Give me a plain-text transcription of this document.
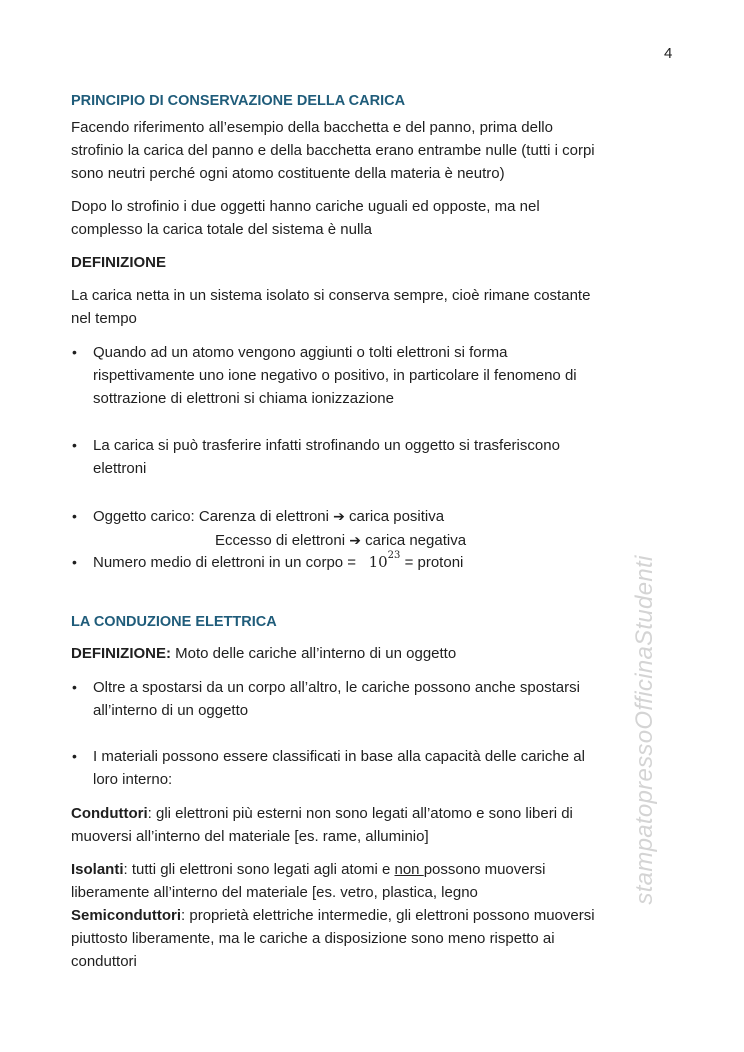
4
PRINCIPIO DI CONSERVAZIONE DELLA CARICA
Facendo riferimento all’esempio della bacchetta e del panno, prima dello
strofinio la carica del panno e della bacchetta erano entrambe nulle (tutti i corpi
sono neutri perché ogni atomo costituente della materia è neutro)
Dopo lo strofinio i due oggetti hanno cariche uguali ed opposte, ma nel
complesso la carica totale del sistema è nulla
DEFINIZIONE
La carica netta in un sistema isolato si conserva sempre, cioè rimane costante
nel tempo
• Quando ad un atomo vengono aggiunti o tolti elettroni si forma
rispettivamente uno ione negativo o positivo, in particolare il fenomeno di
sottrazione di elettroni si chiama ionizzazione
• La carica si può trasferire infatti strofinando un oggetto si trasferiscono
elettroni
• Oggetto carico: Carenza di elettroni ➔ carica positiva
Eccesso di elettroni ➔ carica negativa
• Numero medio di elettroni in un corpo = $10^{23}$ = protoni
LA CONDUZIONE ELETTRICA
DEFINIZIONE: Moto delle cariche all’interno di un oggetto
• Oltre a spostarsi da un corpo all’altro, le cariche possono anche spostarsi
all’interno di un oggetto
• I materiali possono essere classificati in base alla capacità delle cariche al
loro interno:
Conduttori: gli elettroni più esterni non sono legati all’atomo e sono liberi di
muoversi all’interno del materiale [es. rame, alluminio]
Isolanti: tutti gli elettroni sono legati agli atomi e non possono muoversi
liberamente all’interno del materiale [es. vetro, plastica, legno
Semiconduttori: proprietà elettriche intermedie, gli elettroni possono muoversi
piuttosto liberamente, ma le cariche a disposizione sono meno rispetto ai
conduttori
stampatopressoOfficinaStudenti
